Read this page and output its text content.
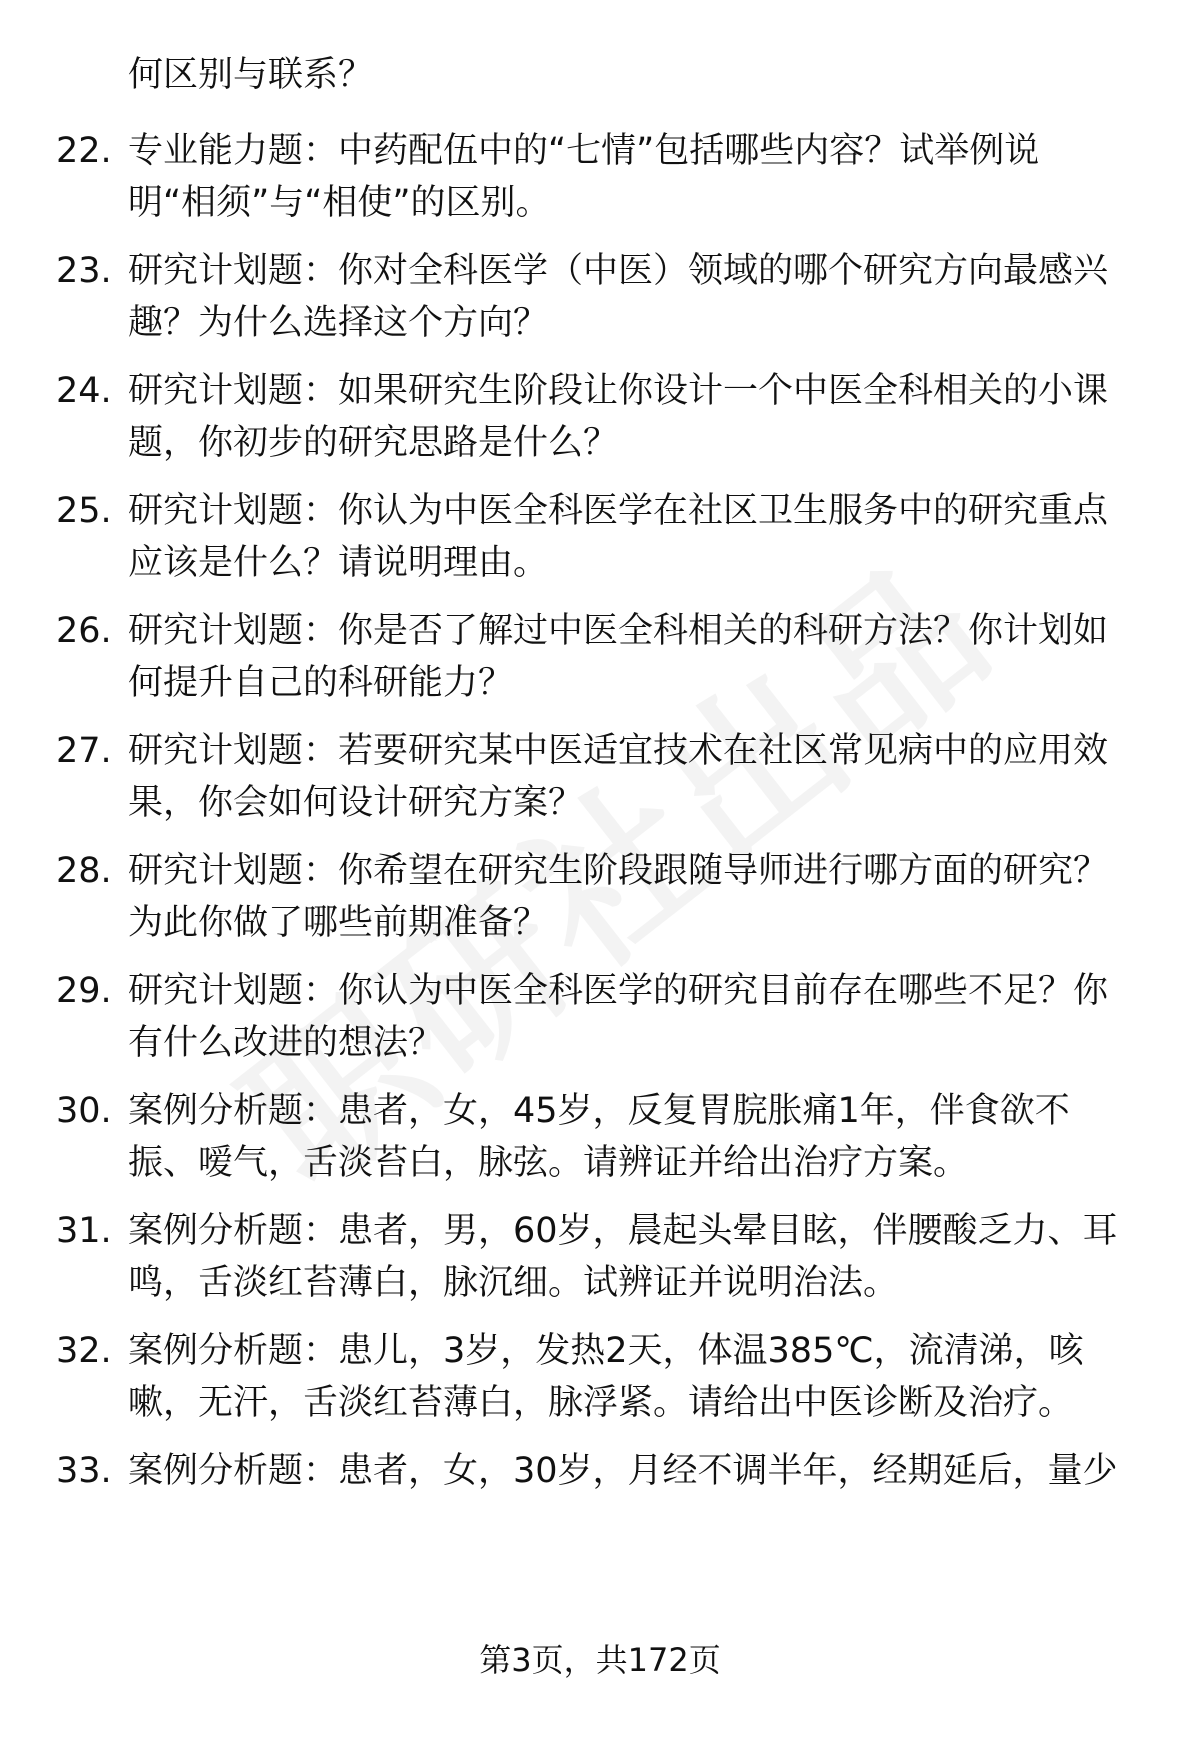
何区别与联系？
22. 专业能力题：中药配伍中的“七情”包括哪些内容？试举例说
明“相须”与“相使”的区别。
23. 研究计划题：你对全科医学（中医）领域的哪个研究方向最感兴
趣？为什么选择这个方向？
24. 研究计划题：如果研究生阶段让你设计一个中医全科相关的小课
题，你初步的研究思路是什么？
25. 研究计划题：你认为中医全科医学在社区卫生服务中的研究重点
应该是什么？请说明理由。
26. 研究计划题：你是否了解过中医全科相关的科研方法？你计划如
何提升自己的科研能力？
27. 研究计划题：若要研究某中医适宜技术在社区常见病中的应用效
果，你会如何设计研究方案？
28. 研究计划题：你希望在研究生阶段跟随导师进行哪方面的研究？
为此你做了哪些前期准备？
29. 研究计划题：你认为中医全科医学的研究目前存在哪些不足？你
有什么改进的想法？
30. 案例分析题：患者，女，45岁，反复胃脘胀痛1年，伴食欲不
振、嗳气，舌淡苔白，脉弦。请辨证并给出治疗方案。
31. 案例分析题：患者，男，60岁，晨起头晕目眩，伴腰酸乏力、耳
鸣，舌淡红苔薄白，脉沉细。试辨证并说明治法。
32. 案例分析题：患儿，3岁，发热2天，体温385℃，流清涕，咳
嗽，无汗，舌淡红苔薄白，脉浮紧。请给出中医诊断及治疗。
33. 案例分析题：患者，女，30岁，月经不调半年，经期延后，量少
第3页，共172页
